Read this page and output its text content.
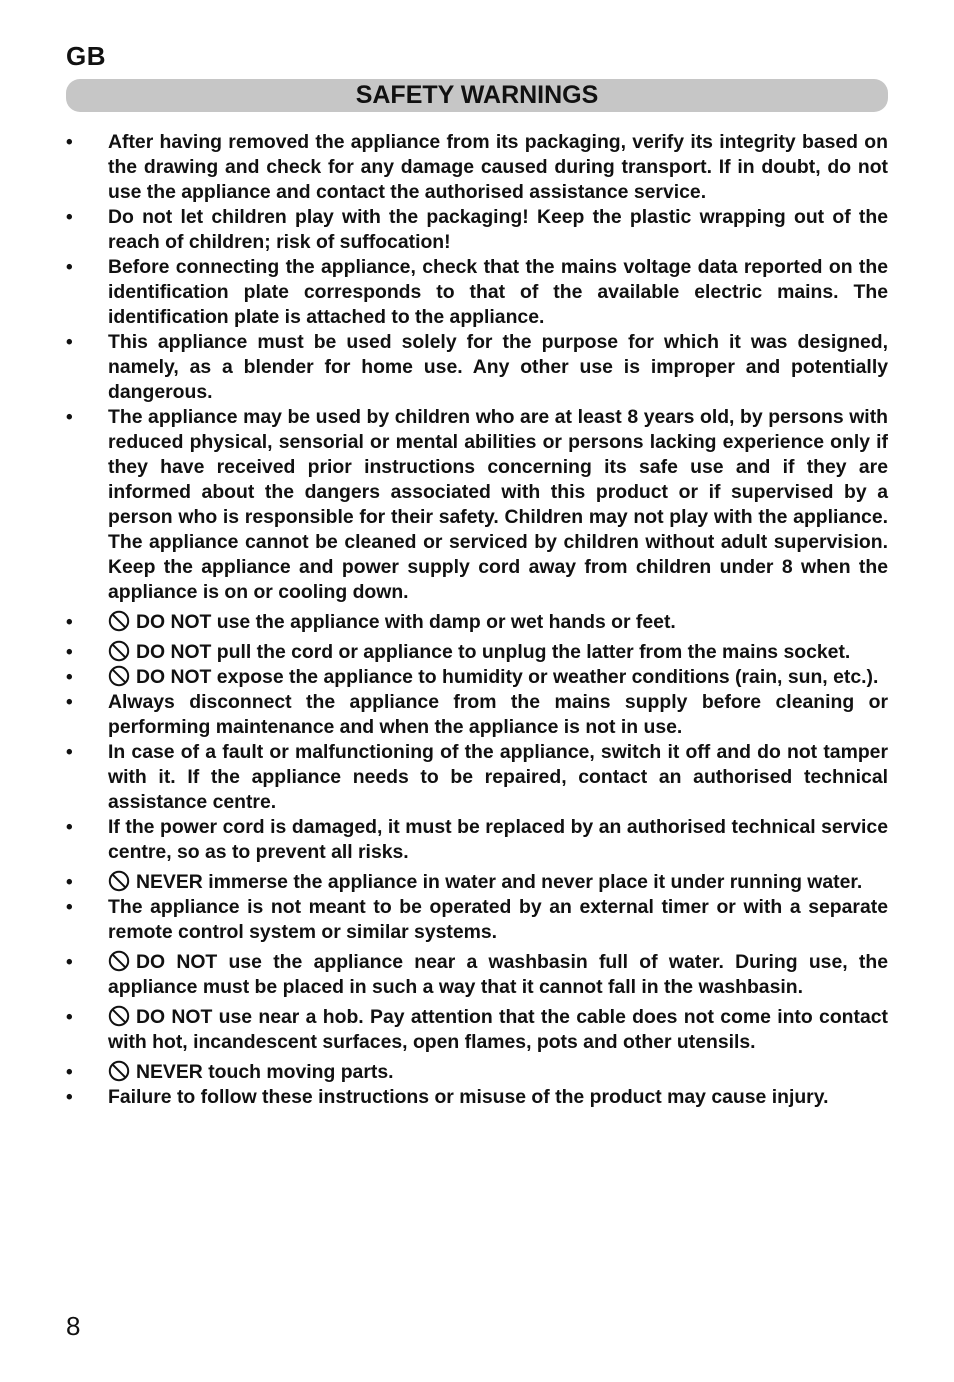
GB
SAFETY WARNINGS
• After having removed the appliance from its packaging, verify its integrity based on the drawing and check for any damage caused during transport. If in doubt, do not use the appliance and contact the authorised assistance service.
• Do not let children play with the packaging! Keep the plastic wrapping out of the reach of children; risk of suffocation!
• Before connecting the appliance, check that the mains voltage data reported on the identification plate corresponds to that of the available electric mains. The identification plate is attached to the appliance.
• This appliance must be used solely for the purpose for which it was designed, namely, as a blender for home use. Any other use is improper and potentially dangerous.
• The appliance may be used by children who are at least 8 years old, by persons with reduced physical, sensorial or mental abilities or persons lacking experience only if they have received prior instructions concerning its safe use and if they are informed about the dangers associated with this product or if supervised by a person who is responsible for their safety. Children may not play with the appliance. The appliance cannot be cleaned or serviced by children without adult supervision. Keep the appliance and power supply cord away from children under 8 when the appliance is on or cooling down.
•	DO NOT use the appliance with damp or wet hands or feet.
•	DO NOT pull the cord or appliance to unplug the latter from the mains socket.
•	DO NOT expose the appliance to humidity or weather conditions (rain, sun, etc.).
• Always disconnect the appliance from the mains supply before cleaning or performing maintenance and when the appliance is not in use.
• In case of a fault or malfunctioning of the appliance, switch it off and do not tamper with it. If the appliance needs to be repaired, contact an authorised technical assistance centre.
• If the power cord is damaged, it must be replaced by an authorised technical service centre, so as to prevent all risks.
•	NEVER immerse the appliance in water and never place it under running water.
• The appliance is not meant to be operated by an external timer or with a separate remote control system or similar systems.
•	DO NOT use the appliance near a washbasin full of water. During use, the appliance must be placed in such a way that it cannot fall in the washbasin.
•	DO NOT use near a hob. Pay attention that the cable does not come into contact with hot, incandescent surfaces, open flames, pots and other utensils.
•	NEVER touch moving parts.
• Failure to follow these instructions or misuse of the product may cause injury.
8
